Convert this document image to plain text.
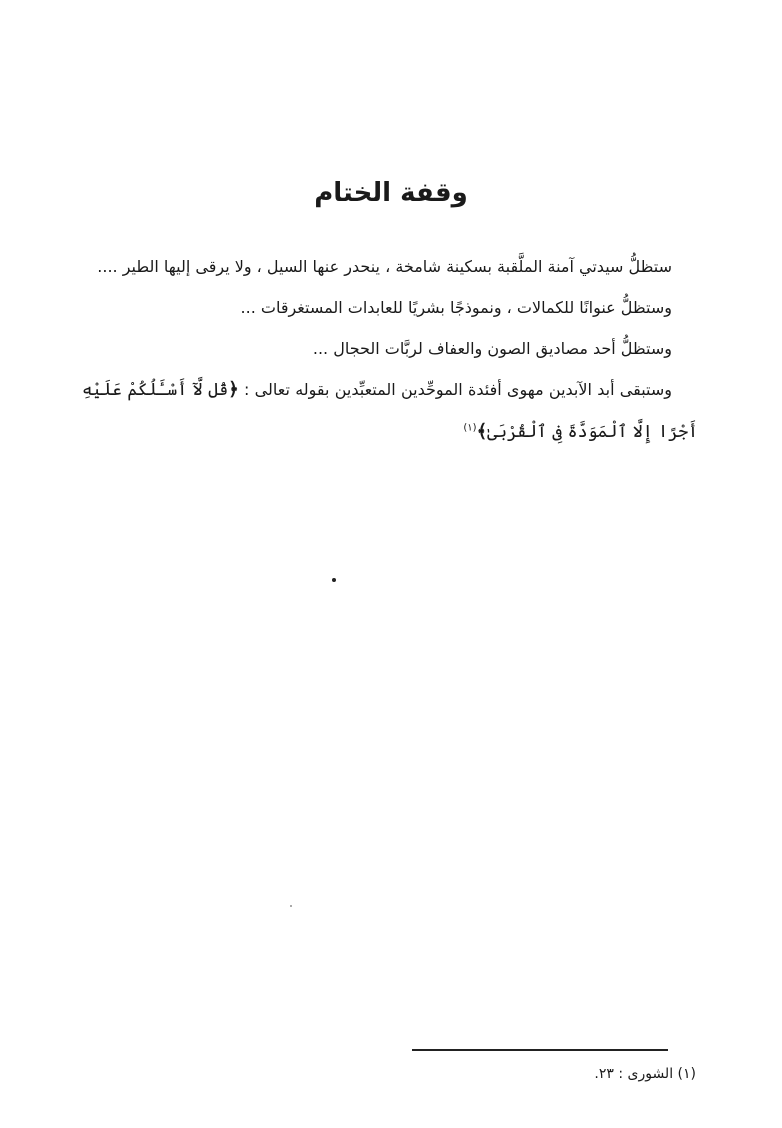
وقفة الختام

ستظلُّ سيدتي آمنة الملَّقبة بسكينة شامخة ، ينحدر عنها السيل ، ولا يرقى إليها الطير ....

وستظلُّ عنوانًا للكمالات ، ونموذجًا بشريًا للعابدات المستغرقات ...

وستظلُّ أحد مصاديق الصون والعفاف لربَّات الحجال ...

وستبقى أبد الآبدين مهوى أفئدة الموحِّدين المتعبِّدين بقوله تعالى : ﴿قُل لَّآ أَسْـَٔلُكُمْ عَلَيْهِ أَجْرًا إِلَّا ٱلْمَوَدَّةَ فِى ٱلْقُرْبَىٰ﴾$^{(١)}$

(١) الشورى : ٢٣.
